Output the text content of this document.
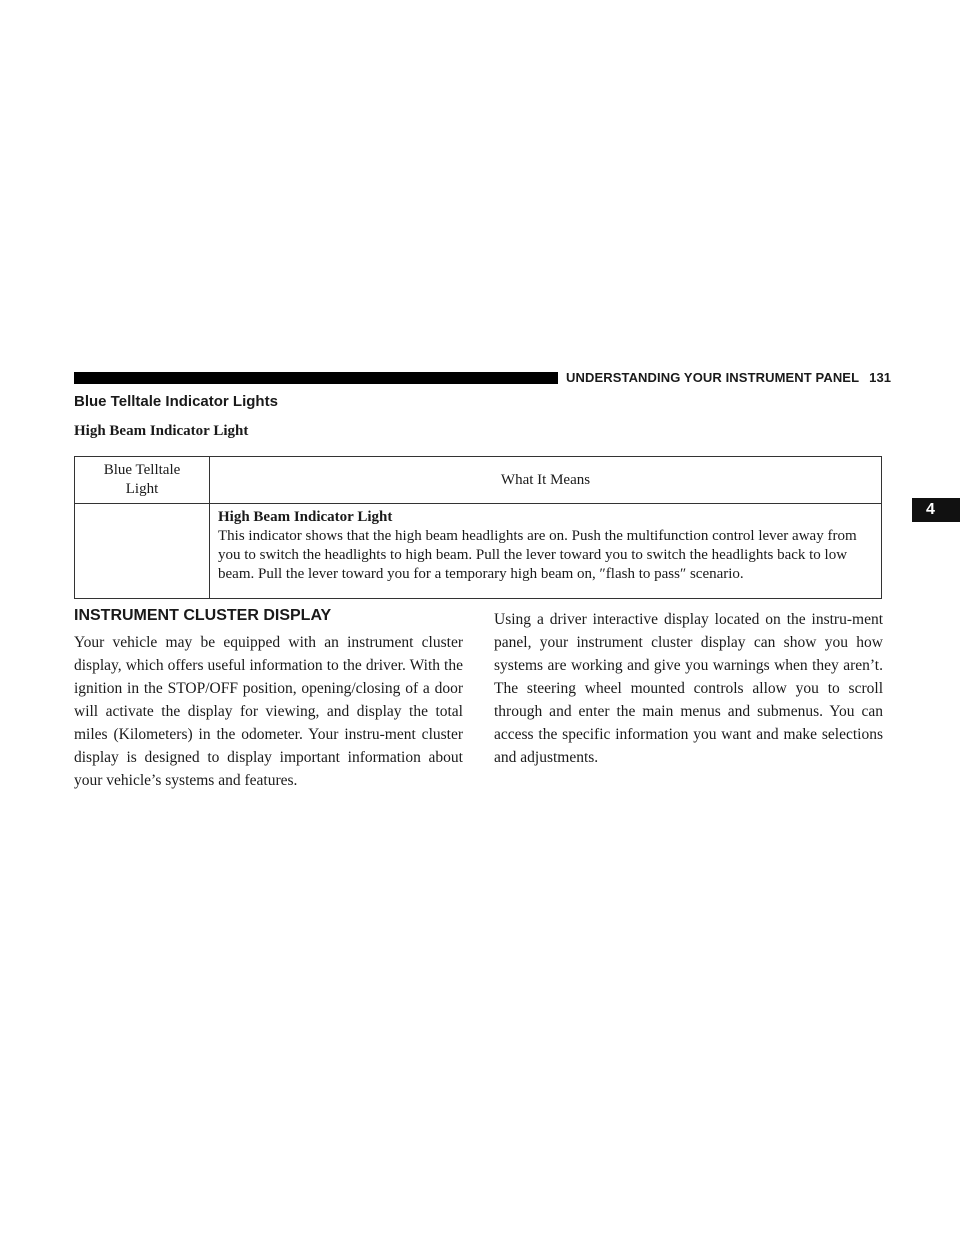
UNDERSTANDING YOUR INSTRUMENT PANEL 131
4
Blue Telltale Indicator Lights
High Beam Indicator Light
Blue Telltale
Light	What It Means

	High Beam Indicator Light
This indicator shows that the high beam headlights are on. Push the multifunction control lever away from you to switch the headlights to high beam. Pull the lever toward you to switch the headlights back to low beam. Pull the lever toward you for a temporary high beam on, ″flash to pass″ scenario.
INSTRUMENT CLUSTER DISPLAY
Your vehicle may be equipped with an instrument cluster display, which offers useful information to the driver. With the ignition in the STOP/OFF position, opening/closing of a door will activate the display for viewing, and display the total miles (Kilometers) in the odometer. Your instru-ment cluster display is designed to display important information about your vehicle’s systems and features.
Using a driver interactive display located on the instru-ment panel, your instrument cluster display can show you how systems are working and give you warnings when they aren’t. The steering wheel mounted controls allow you to scroll through and enter the main menus and submenus. You can access the specific information you want and make selections and adjustments.
